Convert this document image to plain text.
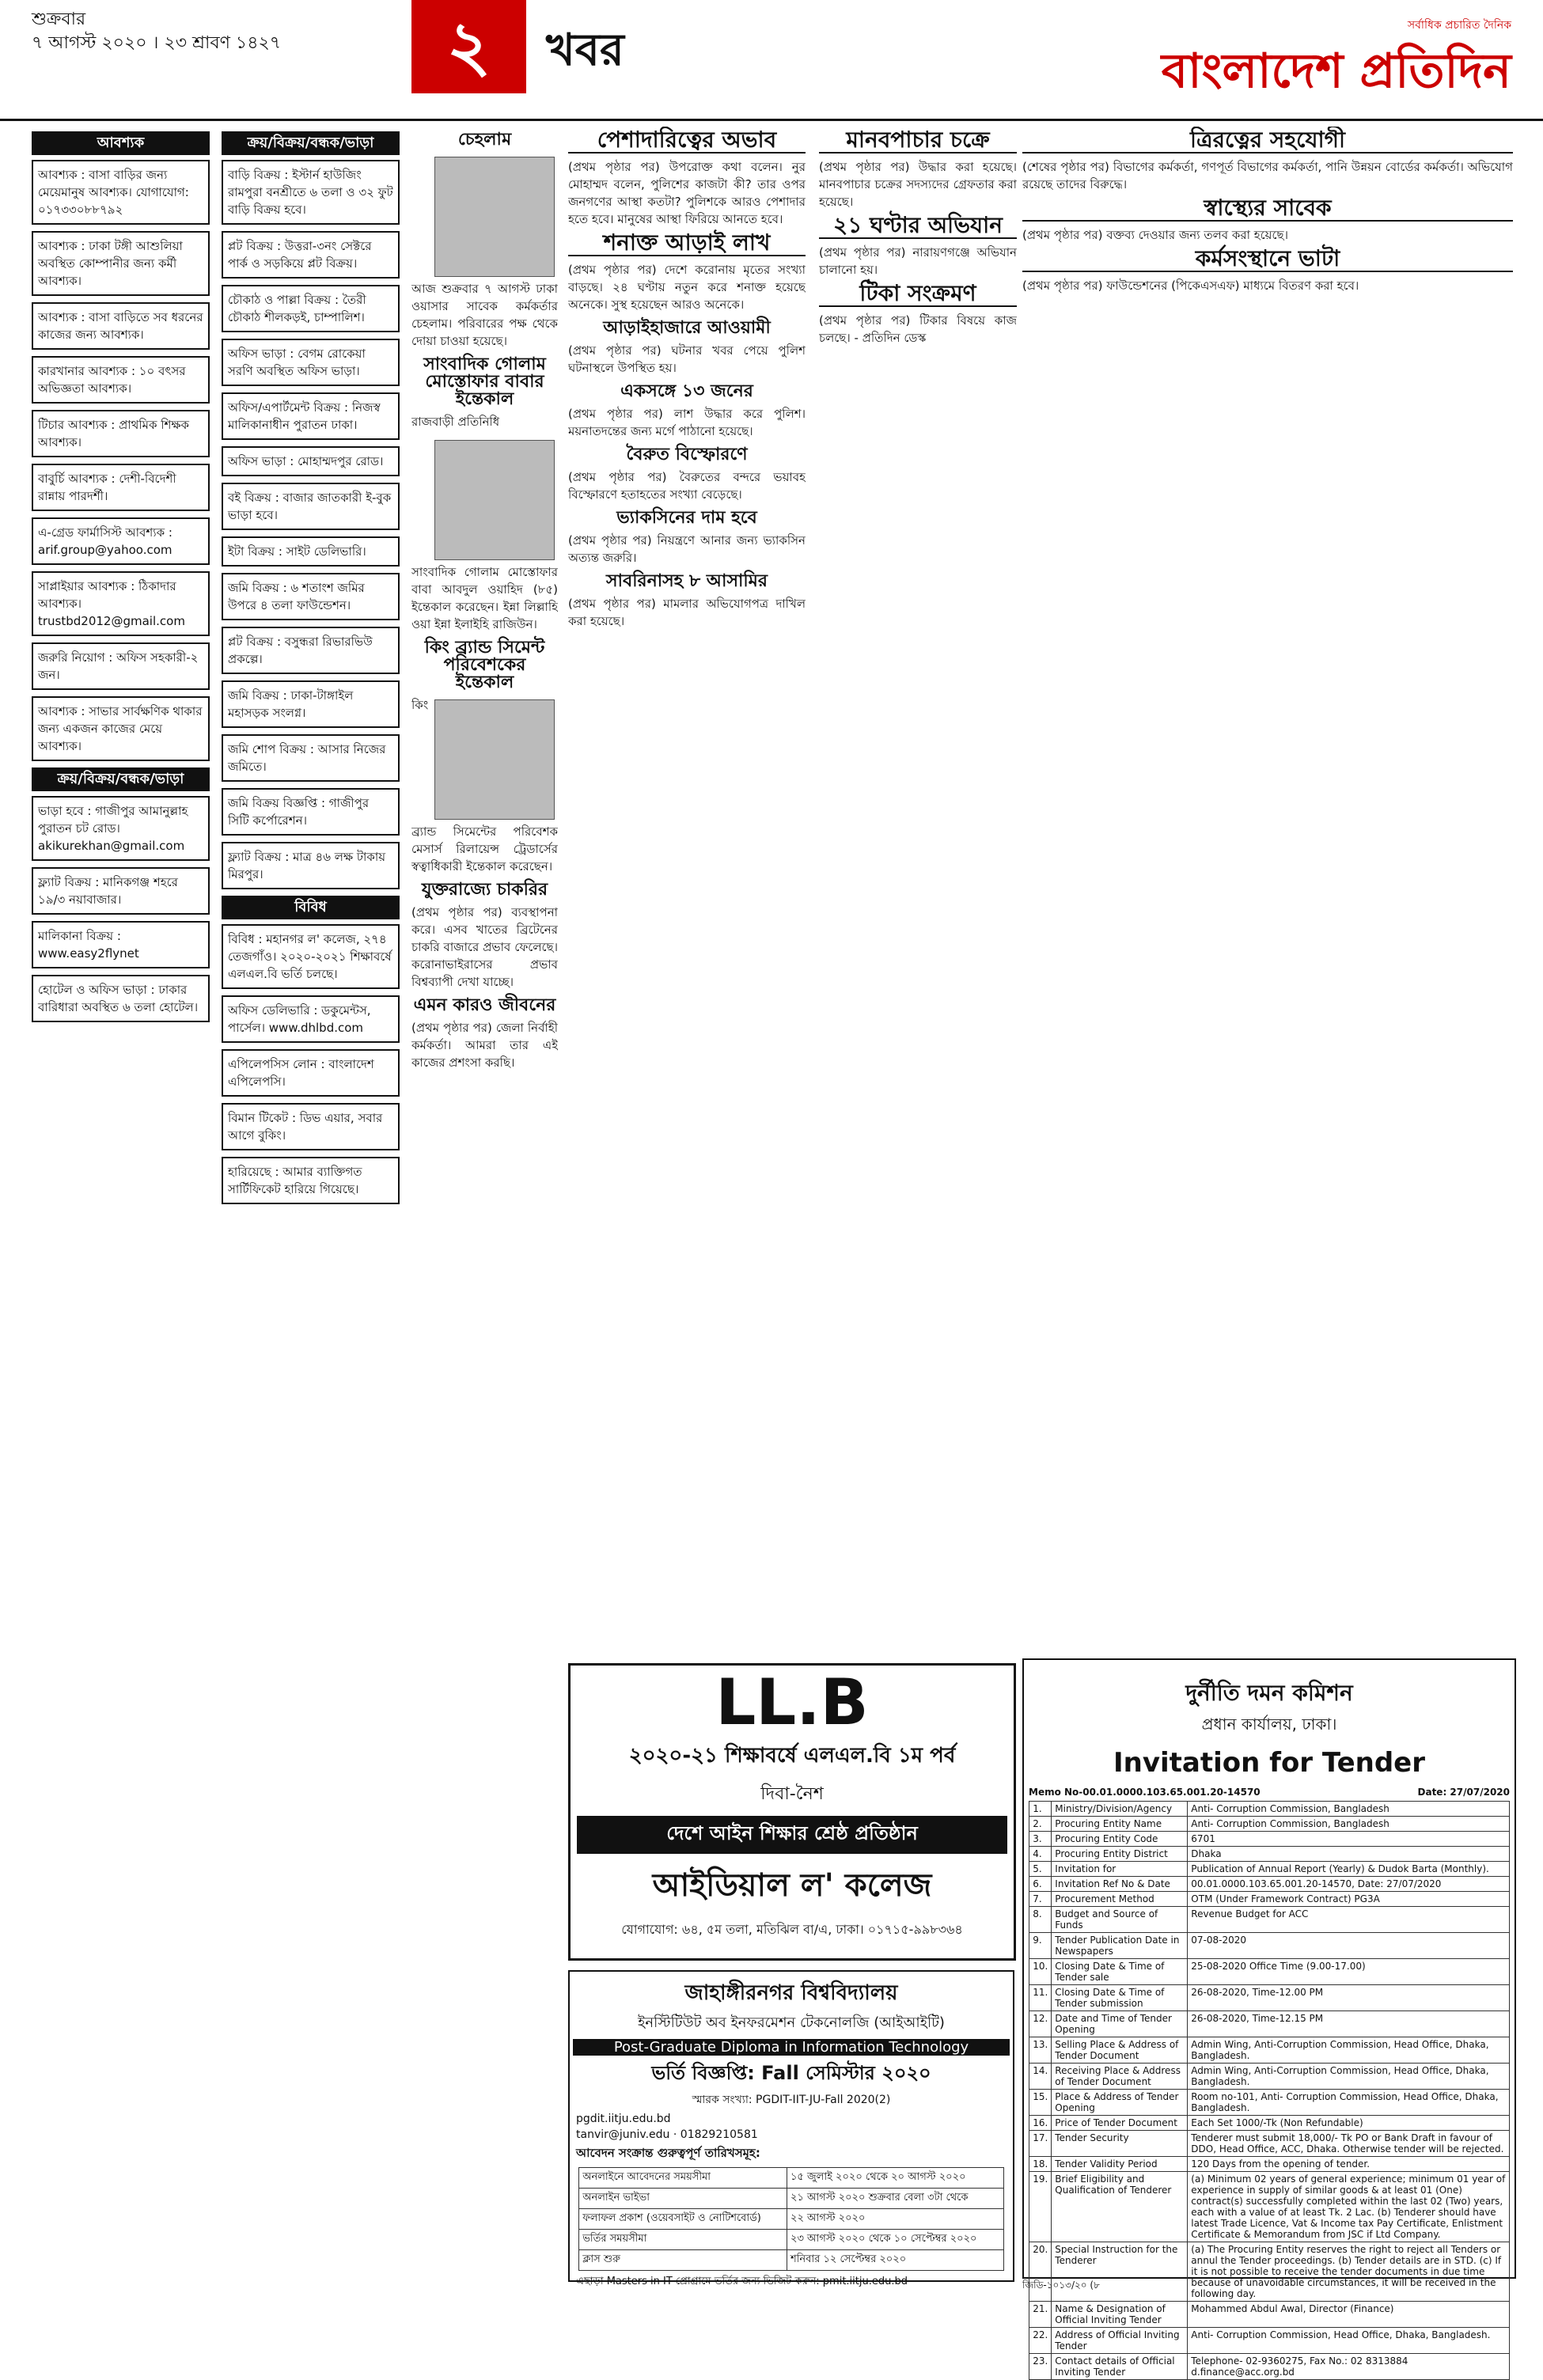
শুক্রবার
৭ আগস্ট ২০২০ । ২৩ শ্রাবণ ১৪২৭	২	খবর	সর্বাধিক প্রচারিত দৈনিক
বাংলাদেশ প্রতিদিন
আবশ্যক
আবশ্যক : বাসা বাড়ির জন্য মেয়েমানুষ আবশ্যক। যোগাযোগ: ০১৭৩৩০৮৮৭৯২
আবশ্যক : ঢাকা টঙ্গী আশুলিয়া অবস্থিত কোম্পানীর জন্য কর্মী আবশ্যক।
আবশ্যক : বাসা বাড়িতে সব ধরনের কাজের জন্য আবশ্যক।
কারখানার আবশ্যক : ১০ বৎসর অভিজ্ঞতা আবশ্যক।
টিচার আবশ্যক : প্রাথমিক শিক্ষক আবশ্যক।
বাবুর্চি আবশ্যক : দেশী-বিদেশী রান্নায় পারদর্শী।
এ-গ্রেড ফার্মাসিস্ট আবশ্যক : arif.group@yahoo.com
সাপ্লাইয়ার আবশ্যক : ঠিকাদার আবশ্যক। trustbd2012@gmail.com
জরুরি নিয়োগ : অফিস সহকারী-২ জন।
আবশ্যক : সাভার সার্বক্ষণিক থাকার জন্য একজন কাজের মেয়ে আবশ্যক।
ক্রয়/বিক্রয়/বন্ধক/ভাড়া
ভাড়া হবে : গাজীপুর আমানুল্লাহ পুরাতন চট রোড। akikurekhan@gmail.com
ফ্ল্যাট বিক্রয় : মানিকগঞ্জ শহরে ১৯/৩ নয়াবাজার।
মালিকানা বিক্রয় : www.easy2flynet
হোটেল ও অফিস ভাড়া : ঢাকার বারিধারা অবস্থিত ৬ তলা হোটেল।
ক্রয়/বিক্রয়/বন্ধক/ভাড়া
বাড়ি বিক্রয় : ইস্টার্ন হাউজিং রামপুরা বনশ্রীতে ৬ তলা ও ৩২ ফুট বাড়ি বিক্রয় হবে।
প্লট বিক্রয় : উত্তরা-৩নং সেক্টরে পার্ক ও সড়কিয়ে প্লট বিক্রয়।
চৌকাঠ ও পাল্লা বিক্রয় : তৈরী চৌকাঠ শীলকড়ই, চাম্পালিশ।
অফিস ভাড়া : বেগম রোকেয়া সরণি অবস্থিত অফিস ভাড়া।
অফিস/এপার্টমেন্ট বিক্রয় : নিজস্ব মালিকানাধীন পুরাতন ঢাকা।
অফিস ভাড়া : মোহাম্মদপুর রোড।
বই বিক্রয় : বাজার জাতকারী ই-বুক ভাড়া হবে।
ইটা বিক্রয় : সাইট ডেলিভারি।
জমি বিক্রয় : ৬ শতাংশ জমির উপরে ৪ তলা ফাউন্ডেশন।
প্লট বিক্রয় : বসুন্ধরা রিভারভিউ প্রকল্পে।
জমি বিক্রয় : ঢাকা-টাঙ্গাইল মহাসড়ক সংলগ্ন।
জমি শোপ বিক্রয় : আসার নিজের জমিতে।
জমি বিক্রয় বিজ্ঞপ্তি : গাজীপুর সিটি কর্পোরেশন।
ফ্ল্যাট বিক্রয় : মাত্র ৪৬ লক্ষ টাকায় মিরপুর।
বিবিধ
বিবিধ : মহানগর ল' কলেজ, ২৭৪ তেজগাঁও। ২০২০-২০২১ শিক্ষাবর্ষে এলএল.বি ভর্তি চলছে।
অফিস ডেলিভারি : ডকুমেন্টস, পার্সেল। www.dhlbd.com
এপিলেপসিস লোন : বাংলাদেশ এপিলেপসি।
বিমান টিকেট : ডিভ এয়ার, সবার আগে বুকিং।
হারিয়েছে : আমার ব্যাক্তিগত সার্টিফিকেট হারিয়ে গিয়েছে।
চেহলাম

আজ শুক্রবার ৭ আগস্ট ঢাকা ওয়াসার সাবেক কর্মকর্তার চেহলাম। পরিবারের পক্ষ থেকে দোয়া চাওয়া হয়েছে।

সাংবাদিক গোলাম মোস্তোফার বাবার ইন্তেকাল

রাজবাড়ী প্রতিনিধি

সাংবাদিক গোলাম মোস্তোফার বাবা আবদুল ওয়াহিদ (৮৫) ইন্তেকাল করেছেন। ইন্না লিল্লাহি ওয়া ইন্না ইলাইহি রাজিউন।

কিং ব্র্যান্ড সিমেন্ট পরিবেশকের ইন্তেকাল

কিং ব্র্যান্ড সিমেন্টের পরিবেশক মেসার্স রিলায়েন্স ট্রেডার্সের স্বত্বাধিকারী ইন্তেকাল করেছেন।

যুক্তরাজ্যে চাকরির

(প্রথম পৃষ্ঠার পর) ব্যবস্থাপনা করে। এসব খাতের ব্রিটেনের চাকরি বাজারে প্রভাব ফেলেছে। করোনাভাইরাসের প্রভাব বিশ্বব্যাপী দেখা যাচ্ছে।

এমন কারও জীবনের

(প্রথম পৃষ্ঠার পর) জেলা নির্বাহী কর্মকর্তা। আমরা তার এই কাজের প্রশংসা করছি।

পেশাদারিত্বের অভাব

(প্রথম পৃষ্ঠার পর) উপরোক্ত কথা বলেন। নুর মোহাম্মদ বলেন, পুলিশের কাজটা কী? তার ওপর জনগণের আস্থা কতটা? পুলিশকে আরও পেশাদার হতে হবে। মানুষের আস্থা ফিরিয়ে আনতে হবে।

শনাক্ত আড়াই লাখ

(প্রথম পৃষ্ঠার পর) দেশে করোনায় মৃতের সংখ্যা বাড়ছে। ২৪ ঘণ্টায় নতুন করে শনাক্ত হয়েছে অনেকে। সুস্থ হয়েছেন আরও অনেকে।

আড়াইহাজারে আওয়ামী

(প্রথম পৃষ্ঠার পর) ঘটনার খবর পেয়ে পুলিশ ঘটনাস্থলে উপস্থিত হয়।

একসঙ্গে ১৩ জনের

(প্রথম পৃষ্ঠার পর) লাশ উদ্ধার করে পুলিশ। ময়নাতদন্তের জন্য মর্গে পাঠানো হয়েছে।

বৈরুত বিস্ফোরণে

(প্রথম পৃষ্ঠার পর) বৈরুতের বন্দরে ভয়াবহ বিস্ফোরণে হতাহতের সংখ্যা বেড়েছে।

ভ্যাকসিনের দাম হবে

(প্রথম পৃষ্ঠার পর) নিয়ন্ত্রণে আনার জন্য ভ্যাকসিন অত্যন্ত জরুরি।

সাবরিনাসহ ৮ আসামির

(প্রথম পৃষ্ঠার পর) মামলার অভিযোগপত্র দাখিল করা হয়েছে।

মানবপাচার চক্রে

(প্রথম পৃষ্ঠার পর) উদ্ধার করা হয়েছে। মানবপাচার চক্রের সদস্যদের গ্রেফতার করা হয়েছে।

২১ ঘণ্টার অভিযান

(প্রথম পৃষ্ঠার পর) নারায়ণগঞ্জে অভিযান চালানো হয়।

টিকা সংক্রমণ

(প্রথম পৃষ্ঠার পর) টিকার বিষয়ে কাজ চলছে। - প্রতিদিন ডেস্ক

ত্রিরত্নের সহযোগী

(শেষের পৃষ্ঠার পর) বিভাগের কর্মকর্তা, গণপূর্ত বিভাগের কর্মকর্তা, পানি উন্নয়ন বোর্ডের কর্মকর্তা। অভিযোগ রয়েছে তাদের বিরুদ্ধে।

স্বাস্থ্যের সাবেক

(প্রথম পৃষ্ঠার পর) বক্তব্য দেওয়ার জন্য তলব করা হয়েছে।

কর্মসংস্থানে ভাটা

(প্রথম পৃষ্ঠার পর) ফাউন্ডেশনের (পিকেএসএফ) মাধ্যমে বিতরণ করা হবে।

LL.B
২০২০-২১ শিক্ষাবর্ষে এলএল.বি ১ম পর্ব
দিবা-নৈশ
দেশে আইন শিক্ষার শ্রেষ্ঠ প্রতিষ্ঠান
আইডিয়াল ল' কলেজ
যোগাযোগ: ৬৪, ৫ম তলা, মতিঝিল বা/এ, ঢাকা। ০১৭১৫-৯৯৮৩৬৪
জাহাঙ্গীরনগর বিশ্ববিদ্যালয়
ইনস্টিটিউট অব ইনফরমেশন টেকনোলজি (আইআইটি)
Post-Graduate Diploma in Information Technology
ভর্তি বিজ্ঞপ্তি: Fall সেমিস্টার ২০২০
স্মারক সংখ্যা: PGDIT-IIT-JU-Fall 2020(2)
pgdit.iitju.edu.bd
tanvir@juniv.edu · 01829210581
আবেদন সংক্রান্ত গুরুত্বপূর্ণ তারিখসমূহ:
অনলাইনে আবেদনের সময়সীমা	১৫ জুলাই ২০২০ থেকে ২০ আগস্ট ২০২০
অনলাইন ভাইভা	২১ আগস্ট ২০২০ শুক্রবার বেলা ৩টা থেকে
ফলাফল প্রকাশ (ওয়েবসাইট ও নোটিশবোর্ড)	২২ আগস্ট ২০২০
ভর্তির সময়সীমা	২৩ আগস্ট ২০২০ থেকে ১০ সেপ্টেম্বর ২০২০
ক্লাস শুরু	শনিবার ১২ সেপ্টেম্বর ২০২০
এছাড়া Masters in IT প্রোগ্রামে ভর্তির জন্য ভিজিট করুন: pmit.iitju.edu.bd
দুর্নীতি দমন কমিশন
প্রধান কার্যালয়, ঢাকা।
Invitation for Tender
Memo No-00.01.0000.103.65.001.20-14570	Date: 27/07/2020
1.	Ministry/Division/Agency	Anti- Corruption Commission, Bangladesh
2.	Procuring Entity Name	Anti- Corruption Commission, Bangladesh
3.	Procuring Entity Code	6701
4.	Procuring Entity District	Dhaka
5.	Invitation for	Publication of Annual Report (Yearly) & Dudok Barta (Monthly).
6.	Invitation Ref No & Date	00.01.0000.103.65.001.20-14570, Date: 27/07/2020
7.	Procurement Method	OTM (Under Framework Contract) PG3A
8.	Budget and Source of Funds	Revenue Budget for ACC
9.	Tender Publication Date in Newspapers	07-08-2020
10.	Closing Date & Time of Tender sale	25-08-2020 Office Time (9.00-17.00)
11.	Closing Date & Time of Tender submission	26-08-2020, Time-12.00 PM
12.	Date and Time of Tender Opening	26-08-2020, Time-12.15 PM
13.	Selling Place & Address of Tender Document	Admin Wing, Anti-Corruption Commission, Head Office, Dhaka, Bangladesh.
14.	Receiving Place & Address of Tender Document	Admin Wing, Anti-Corruption Commission, Head Office, Dhaka, Bangladesh.
15.	Place & Address of Tender Opening	Room no-101, Anti- Corruption Commission, Head Office, Dhaka, Bangladesh.
16.	Price of Tender Document	Each Set 1000/-Tk (Non Refundable)
17.	Tender Security	Tenderer must submit 18,000/- Tk PO or Bank Draft in favour of DDO, Head Office, ACC, Dhaka. Otherwise tender will be rejected.
18.	Tender Validity Period	120 Days from the opening of tender.
19.	Brief Eligibility and Qualification of Tenderer	(a) Minimum 02 years of general experience; minimum 01 year of experience in supply of similar goods & at least 01 (One) contract(s) successfully completed within the last 02 (Two) years, each with a value of at least Tk. 2 Lac. (b) Tenderer should have latest Trade Licence, Vat & Income tax Pay Certificate, Enlistment Certificate & Memorandum from JSC if Ltd Company.
20.	Special Instruction for the Tenderer	(a) The Procuring Entity reserves the right to reject all Tenders or annul the Tender proceedings. (b) Tender details are in STD. (c) If it is not possible to receive the tender documents in due time because of unavoidable circumstances, it will be received in the following day.
21.	Name & Designation of Official Inviting Tender	Mohammed Abdul Awal, Director (Finance)
22.	Address of Official Inviting Tender	Anti- Corruption Commission, Head Office, Dhaka, Bangladesh.
23.	Contact details of Official Inviting Tender	Telephone- 02-9360275, Fax No.: 02 8313884 d.finance@acc.org.bd
জিডি-১০১৩/২০ (৮
